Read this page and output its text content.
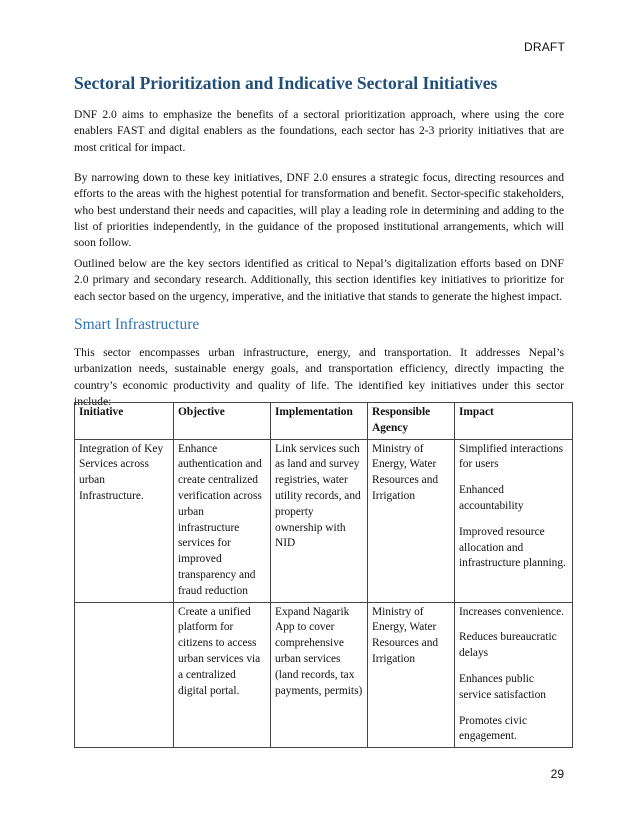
DRAFT
Sectoral Prioritization and Indicative Sectoral Initiatives

DNF 2.0 aims to emphasize the benefits of a sectoral prioritization approach, where using the core enablers FAST and digital enablers as the foundations, each sector has 2-3 priority initiatives that are most critical for impact.

By narrowing down to these key initiatives, DNF 2.0 ensures a strategic focus, directing resources and efforts to the areas with the highest potential for transformation and benefit. Sector-specific stakeholders, who best understand their needs and capacities, will play a leading role in determining and adding to the list of priorities independently, in the guidance of the proposed institutional arrangements, which will soon follow.

Outlined below are the key sectors identified as critical to Nepal’s digitalization efforts based on DNF 2.0 primary and secondary research. Additionally, this section identifies key initiatives to prioritize for each sector based on the urgency, imperative, and the initiative that stands to generate the highest impact.

Smart Infrastructure

This sector encompasses urban infrastructure, energy, and transportation. It addresses Nepal’s urbanization needs, sustainable energy goals, and transportation efficiency, directly impacting the country’s economic productivity and quality of life. The identified key initiatives under this sector include:

Initiative	Objective	Implementation	Responsible Agency	Impact
Integration of Key Services across urban Infrastructure.	Enhance authentication and create centralized verification across urban infrastructure services for improved transparency and fraud reduction	Link services such as land and survey registries, water utility records, and property ownership with NID	Ministry of Energy, Water Resources and Irrigation	Simplified interactions for users
Enhanced accountability
Improved resource allocation and infrastructure planning.

	Create a unified platform for citizens to access urban services via a centralized digital portal.	Expand Nagarik App to cover comprehensive urban services (land records, tax payments, permits)	Ministry of Energy, Water Resources and Irrigation	Increases convenience.
Reduces bureaucratic delays
Enhances public service satisfaction
Promotes civic engagement.
29
